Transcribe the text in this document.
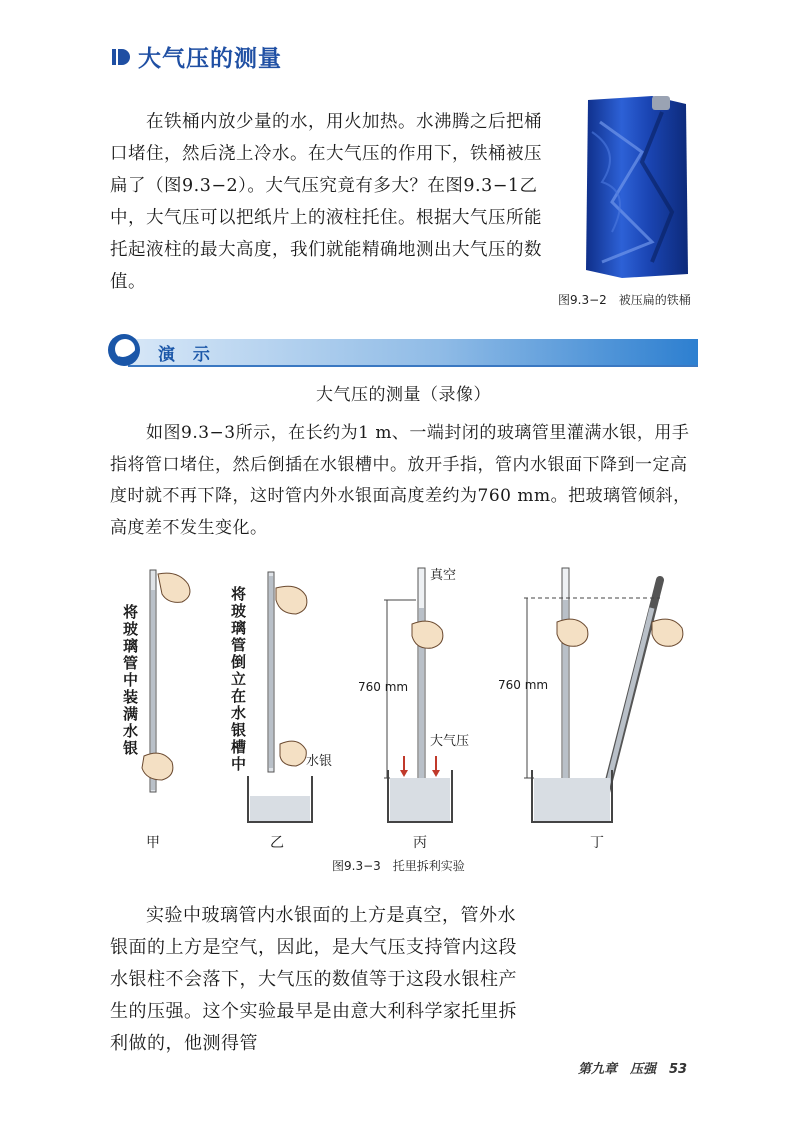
大气压的测量
在铁桶内放少量的水，用火加热。水沸腾之后把桶口堵住，然后浇上冷水。在大气压的作用下，铁桶被压扁了（图9.3−2）。大气压究竟有多大？在图9.3−1乙中，大气压可以把纸片上的液柱托住。根据大气压所能托起液柱的最大高度，我们就能精确地测出大气压的数值。
图9.3−2　被压扁的铁桶
演 示
大气压的测量（录像）
如图9.3−3所示，在长约为1 m、一端封闭的玻璃管里灌满水银，用手指将管口堵住，然后倒插在水银槽中。放开手指，管内水银面下降到一定高度时就不再下降，这时管内外水银面高度差约为760 mm。把玻璃管倾斜，高度差不发生变化。
将玻璃管中装满水银	将玻璃管倒立在水银槽中	水银
真空
大气压
760 mm	760 mm
甲	乙	丙	丁
图9.3−3　托里拆利实验
实验中玻璃管内水银面的上方是真空，管外水银面的上方是空气，因此，是大气压支持管内这段水银柱不会落下，大气压的数值等于这段水银柱产生的压强。这个实验最早是由意大利科学家托里拆利做的，他测得管
第九章　压强　53
